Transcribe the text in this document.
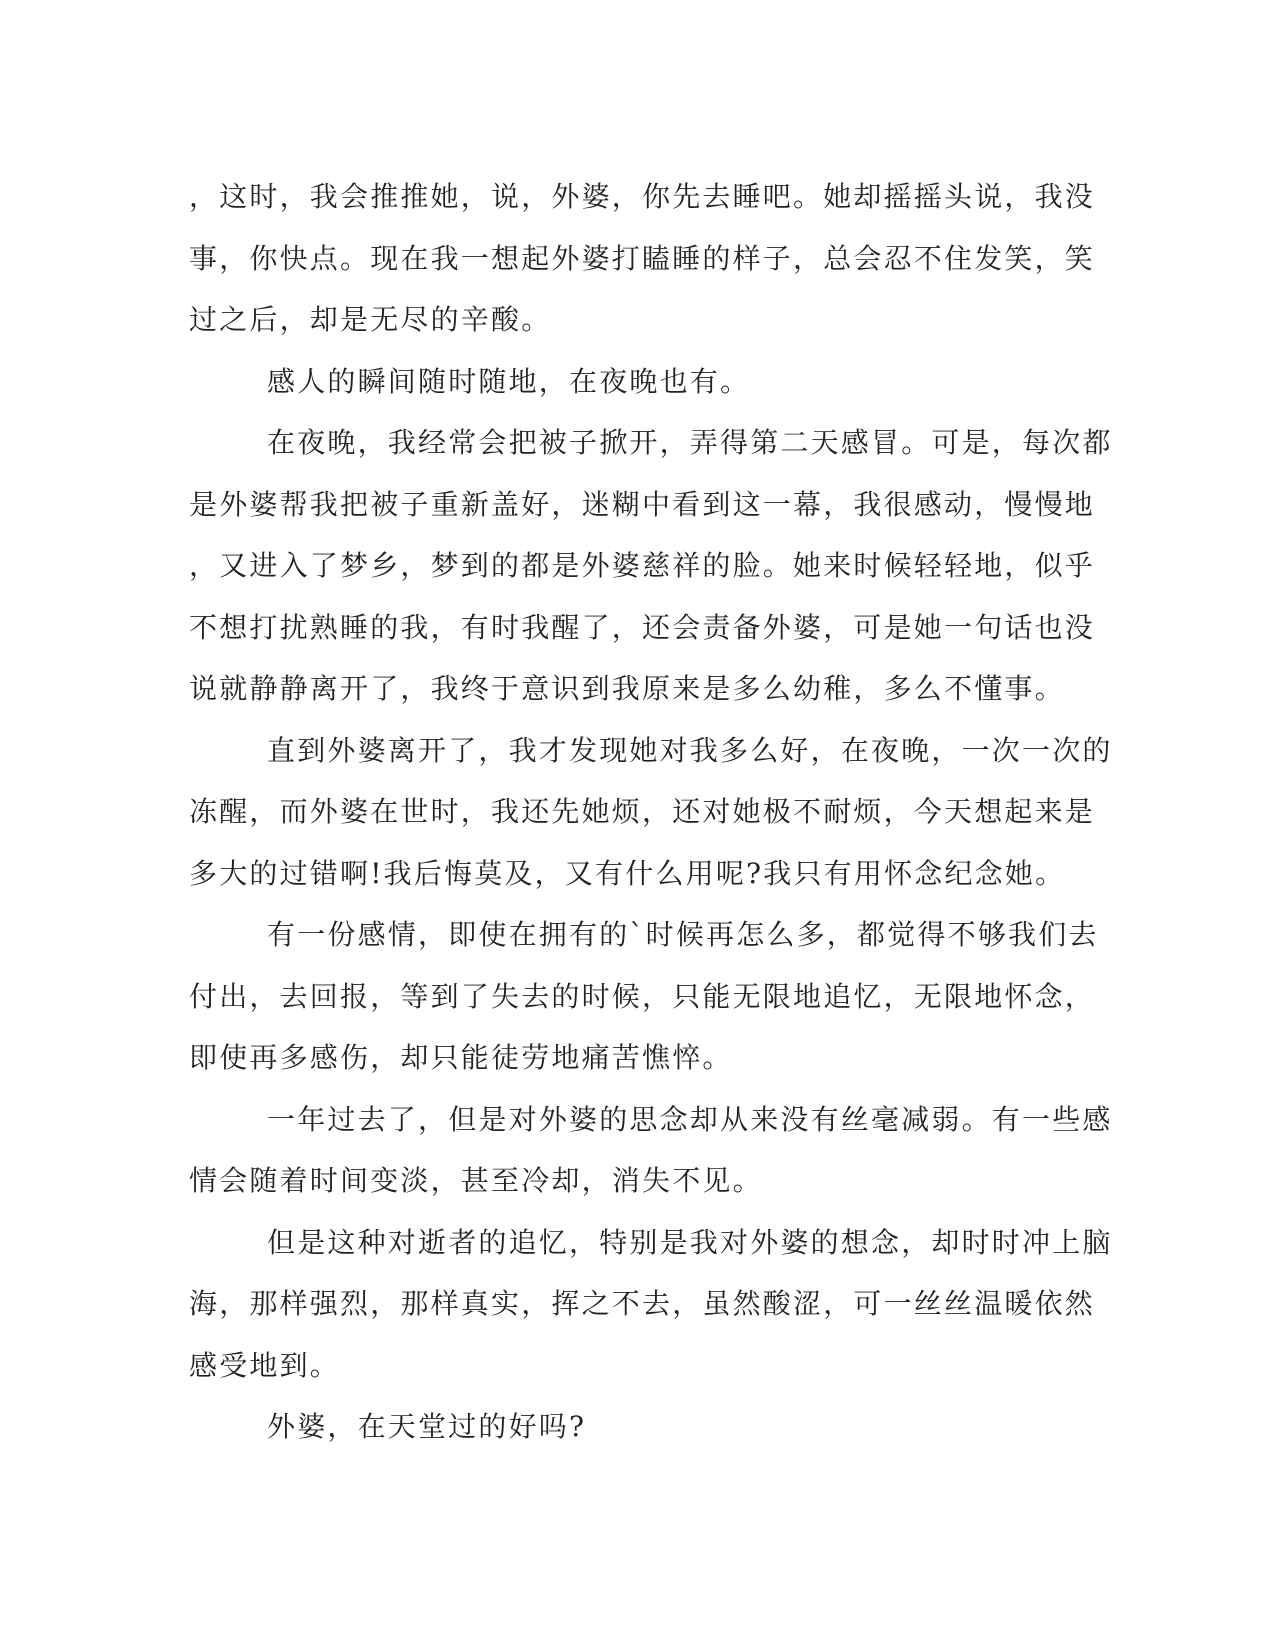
，这时，我会推推她，说，外婆，你先去睡吧。她却摇摇头说，我没
事，你快点。现在我一想起外婆打瞌睡的样子，总会忍不住发笑，笑
过之后，却是无尽的辛酸。
感人的瞬间随时随地，在夜晚也有。
在夜晚，我经常会把被子掀开，弄得第二天感冒。可是，每次都
是外婆帮我把被子重新盖好，迷糊中看到这一幕，我很感动，慢慢地
，又进入了梦乡，梦到的都是外婆慈祥的脸。她来时候轻轻地，似乎
不想打扰熟睡的我，有时我醒了，还会责备外婆，可是她一句话也没
说就静静离开了，我终于意识到我原来是多么幼稚，多么不懂事。
直到外婆离开了，我才发现她对我多么好，在夜晚，一次一次的
冻醒，而外婆在世时，我还先她烦，还对她极不耐烦，今天想起来是
多大的过错啊!我后悔莫及，又有什么用呢?我只有用怀念纪念她。
有一份感情，即使在拥有的`时候再怎么多，都觉得不够我们去
付出，去回报，等到了失去的时候，只能无限地追忆，无限地怀念，
即使再多感伤，却只能徒劳地痛苦憔悴。
一年过去了，但是对外婆的思念却从来没有丝毫减弱。有一些感
情会随着时间变淡，甚至冷却，消失不见。
但是这种对逝者的追忆，特别是我对外婆的想念，却时时冲上脑
海，那样强烈，那样真实，挥之不去，虽然酸涩，可一丝丝温暖依然
感受地到。
外婆，在天堂过的好吗?
